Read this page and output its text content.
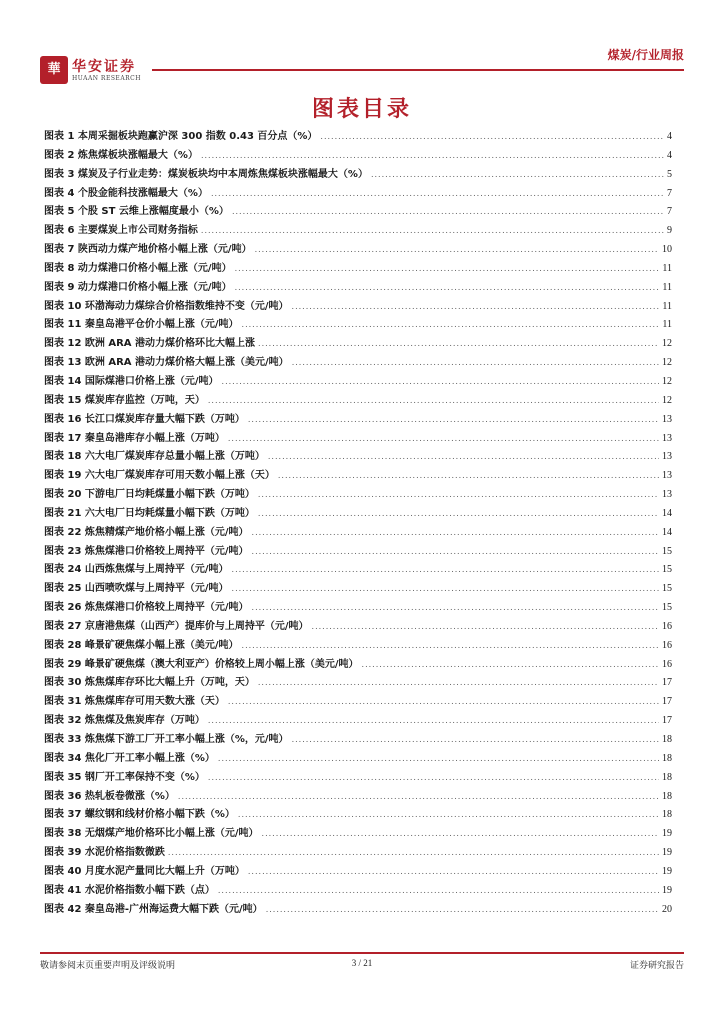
華 华安证券
HUAAN RESEARCH
煤炭/行业周报
图表目录
图表 1 本周采掘板块跑赢沪深 300 指数 0.43 百分点（%） .....	4
图表 2 炼焦煤板块涨幅最大（%） .....	4
图表 3 煤炭及子行业走势：煤炭板块均中本周炼焦煤板块涨幅最大（%） .....	5
图表 4 个股金能科技涨幅最大（%） .....	7
图表 5 个股 ST 云维上涨幅度最小（%） .....	7
图表 6 主要煤炭上市公司财务指标 .....	9
图表 7 陕西动力煤产地价格小幅上涨（元/吨） .....	10
图表 8 动力煤港口价格小幅上涨（元/吨） .....	11
图表 9 动力煤港口价格小幅上涨（元/吨） .....	11
图表 10 环渤海动力煤综合价格指数维持不变（元/吨） .....	11
图表 11 秦皇岛港平仓价小幅上涨（元/吨） .....	11
图表 12 欧洲 ARA 港动力煤价格环比大幅上涨 .....	12
图表 13 欧洲 ARA 港动力煤价格大幅上涨（美元/吨） .....	12
图表 14 国际煤港口价格上涨（元/吨） .....	12
图表 15 煤炭库存监控（万吨，天） .....	12
图表 16 长江口煤炭库存量大幅下跌（万吨） .....	13
图表 17 秦皇岛港库存小幅上涨（万吨） .....	13
图表 18 六大电厂煤炭库存总量小幅上涨（万吨） .....	13
图表 19 六大电厂煤炭库存可用天数小幅上涨（天） .....	13
图表 20 下游电厂日均耗煤量小幅下跌（万吨） .....	13
图表 21 六大电厂日均耗煤量小幅下跌（万吨） .....	14
图表 22 炼焦精煤产地价格小幅上涨（元/吨） .....	14
图表 23 炼焦煤港口价格较上周持平（元/吨） .....	15
图表 24 山西炼焦煤与上周持平（元/吨） .....	15
图表 25 山西喷吹煤与上周持平（元/吨） .....	15
图表 26 炼焦煤港口价格较上周持平（元/吨） .....	15
图表 27 京唐港焦煤（山西产）提库价与上周持平（元/吨） .....	16
图表 28 峰景矿硬焦煤小幅上涨（美元/吨） .....	16
图表 29 峰景矿硬焦煤（澳大利亚产）价格较上周小幅上涨（美元/吨） .....	16
图表 30 炼焦煤库存环比大幅上升（万吨，天） .....	17
图表 31 炼焦煤库存可用天数大涨（天） .....	17
图表 32 炼焦煤及焦炭库存（万吨） .....	17
图表 33 炼焦煤下游工厂开工率小幅上涨（%，元/吨） .....	18
图表 34 焦化厂开工率小幅上涨（%） .....	18
图表 35 钢厂开工率保持不变（%） .....	18
图表 36 热轧板卷微涨（%） .....	18
图表 37 螺纹钢和线材价格小幅下跌（%） .....	18
图表 38 无烟煤产地价格环比小幅上涨（元/吨） .....	19
图表 39 水泥价格指数微跌 .....	19
图表 40 月度水泥产量同比大幅上升（万吨） .....	19
图表 41 水泥价格指数小幅下跌（点） .....	19
图表 42 秦皇岛港-广州海运费大幅下跌（元/吨） .....	20
敬请参阅末页重要声明及评级说明	3 / 21	证券研究报告
